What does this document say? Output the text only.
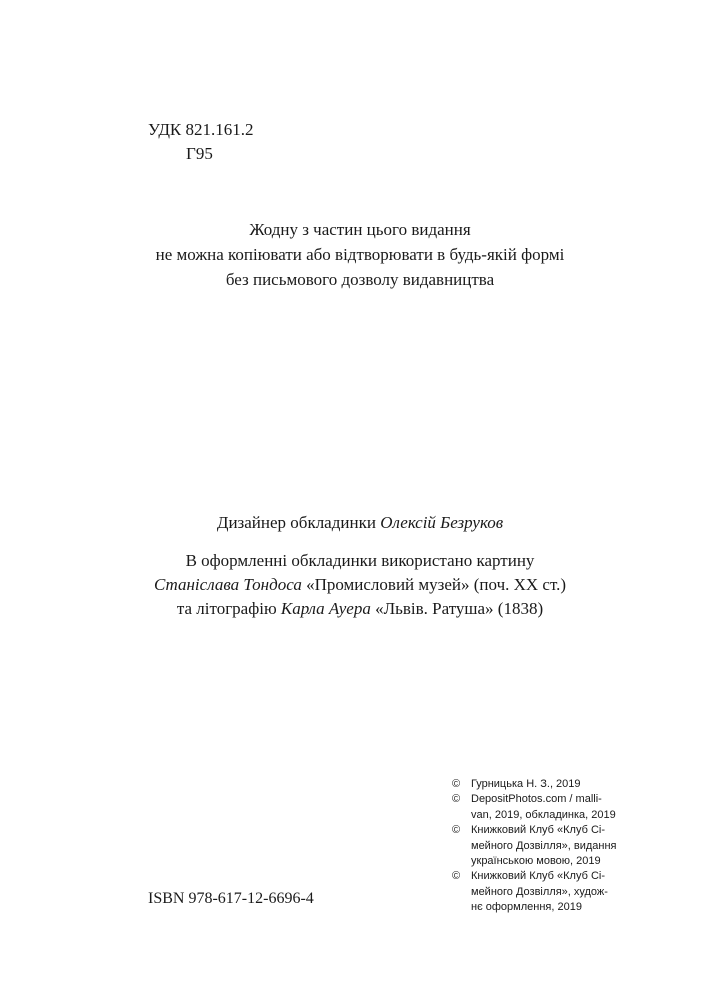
УДК 821.161.2
Г95
Жодну з частин цього видання
не можна копіювати або відтворювати в будь-якій формі
без письмового дозволу видавництва
Дизайнер обкладинки Олексій Безруков
В оформленні обкладинки використано картину
Станіслава Тондоса «Промисловий музей» (поч. XX ст.)
та літографію Карла Ауера «Львів. Ратуша» (1838)
© Гурницька Н. З., 2019
© DepositPhotos.com / malli-
van, 2019, обкладинка, 2019
© Книжковий Клуб «Клуб Сі-
мейного Дозвілля», видання
українською мовою, 2019
© Книжковий Клуб «Клуб Сі-
мейного Дозвілля», худож-
нє оформлення, 2019
ISBN 978-617-12-6696-4
